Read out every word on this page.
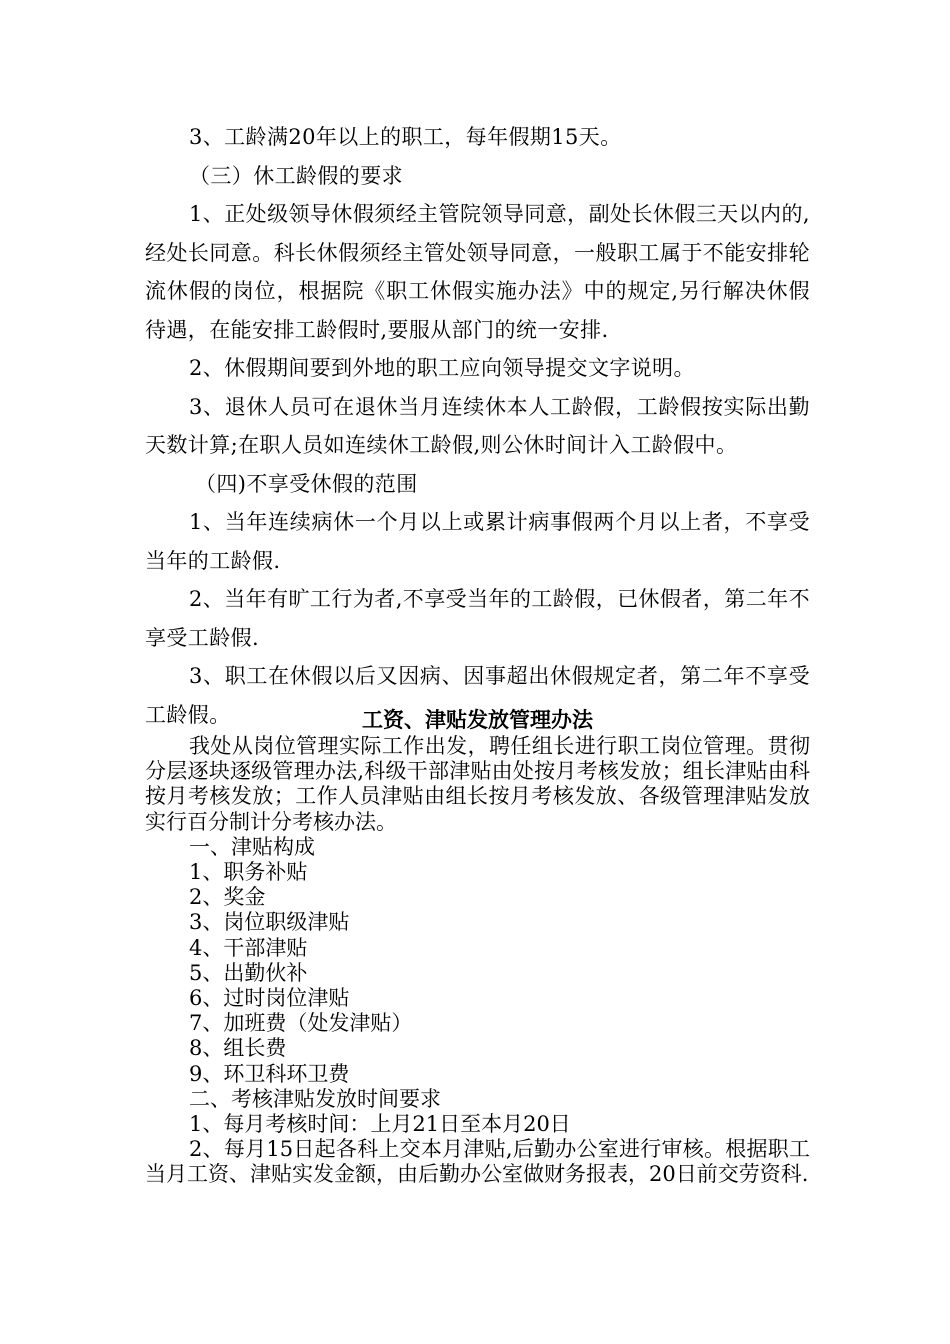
3、工龄满20年以上的职工，每年假期15天。

（三）休工龄假的要求

1、正处级领导休假须经主管院领导同意，副处长休假三天以内的,经处长同意。科长休假须经主管处领导同意，一般职工属于不能安排轮流休假的岗位，根据院《职工休假实施办法》中的规定,另行解决休假待遇，在能安排工龄假时,要服从部门的统一安排.

2、休假期间要到外地的职工应向领导提交文字说明。

3、退休人员可在退休当月连续休本人工龄假，工龄假按实际出勤天数计算;在职人员如连续休工龄假,则公休时间计入工龄假中。

（四)不享受休假的范围

1、当年连续病休一个月以上或累计病事假两个月以上者，不享受当年的工龄假.

2、当年有旷工行为者,不享受当年的工龄假，已休假者，第二年不享受工龄假.

3、职工在休假以后又因病、因事超出休假规定者，第二年不享受工龄假。	工资、津贴发放管理办法

我处从岗位管理实际工作出发，聘任组长进行职工岗位管理。贯彻分层逐块逐级管理办法,科级干部津贴由处按月考核发放；组长津贴由科按月考核发放；工作人员津贴由组长按月考核发放、各级管理津贴发放实行百分制计分考核办法。

一、津贴构成

1、职务补贴

2、奖金

3、岗位职级津贴

4、干部津贴

5、出勤伙补

6、过时岗位津贴

7、加班费（处发津贴）

8、组长费

9、环卫科环卫费

二、考核津贴发放时间要求

1、每月考核时间：上月21日至本月20日

2、每月15日起各科上交本月津贴,后勤办公室进行审核。根据职工当月工资、津贴实发金额，由后勤办公室做财务报表，20日前交劳资科.
